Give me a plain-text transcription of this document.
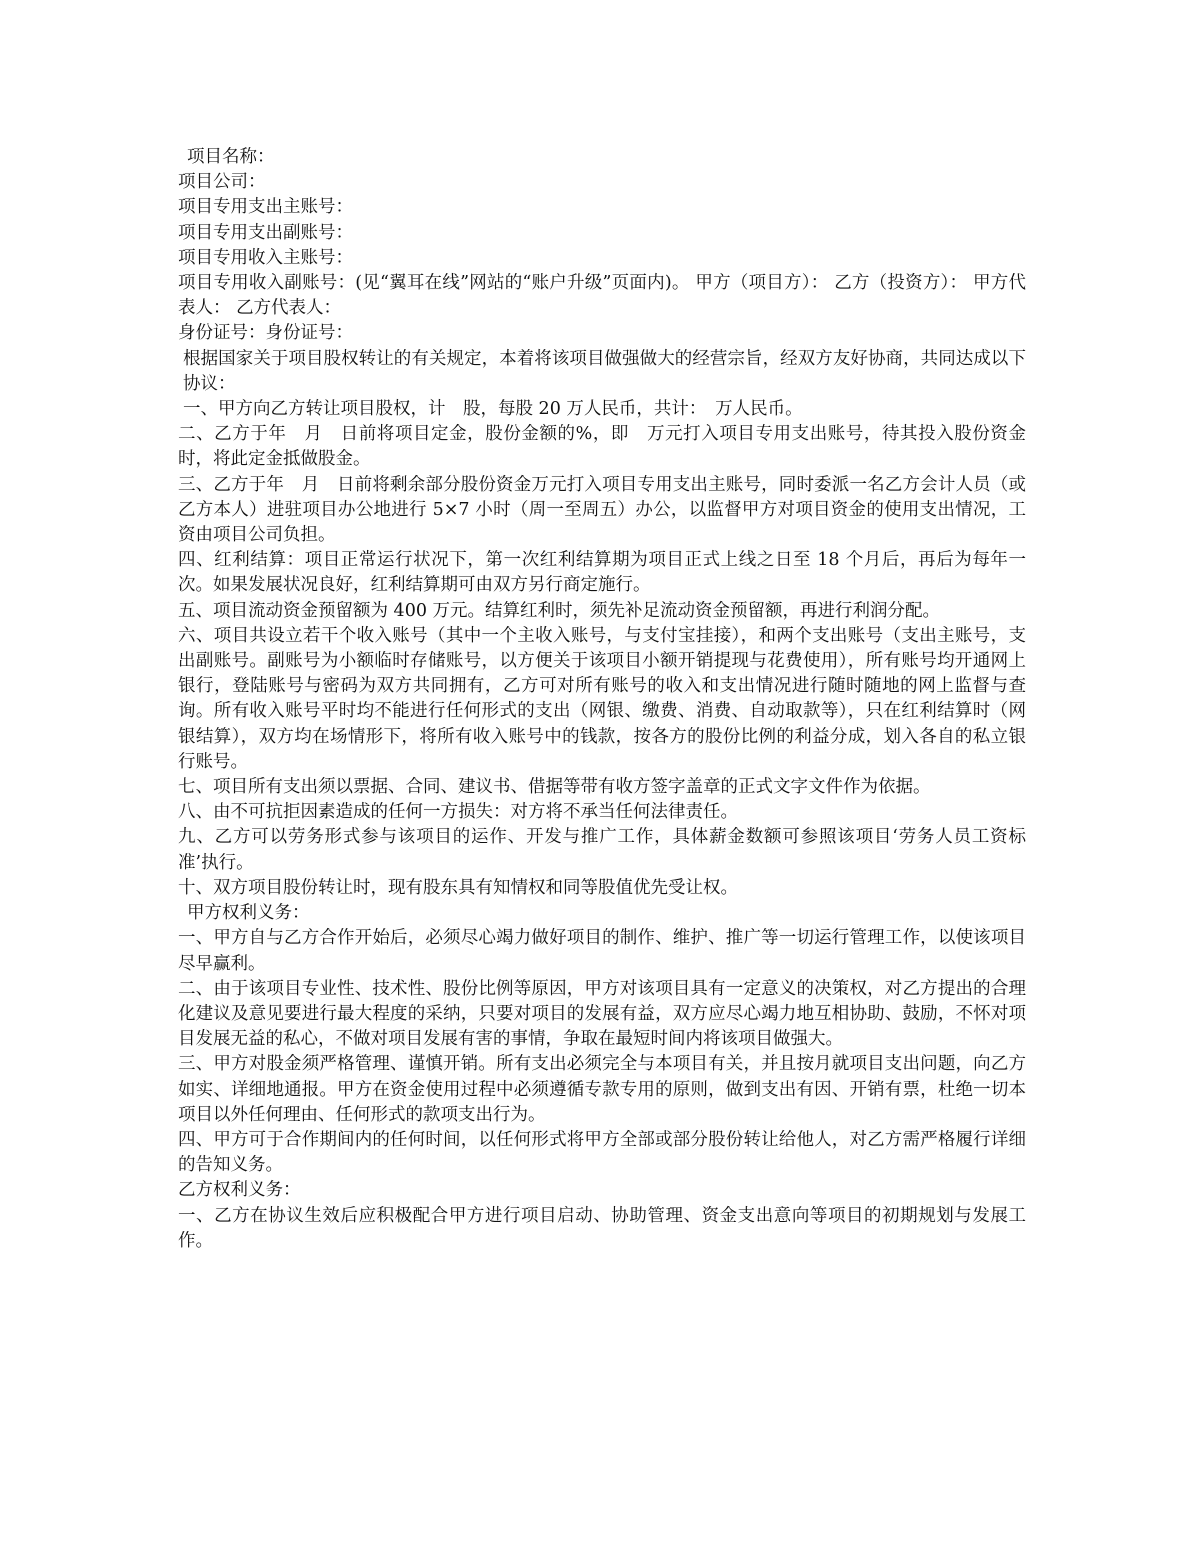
项目名称：

项目公司：

项目专用支出主账号：

项目专用支出副账号：

项目专用收入主账号：

项目专用收入副账号：(见“翼耳在线”网站的“账户升级”页面内)。 甲方（项目方）： 乙方（投资方）： 甲方代表人： 乙方代表人：

身份证号：身份证号：

根据国家关于项目股权转让的有关规定，本着将该项目做强做大的经营宗旨，经双方友好协商，共同达成以下协议：

一、甲方向乙方转让项目股权，计　股，每股 20 万人民币，共计：　万人民币。

二、乙方于年　月　日前将项目定金，股份金额的%，即　万元打入项目专用支出账号，待其投入股份资金时，将此定金抵做股金。

三、乙方于年　月　日前将剩余部分股份资金万元打入项目专用支出主账号，同时委派一名乙方会计人员（或乙方本人）进驻项目办公地进行 5×7 小时（周一至周五）办公，以监督甲方对项目资金的使用支出情况，工资由项目公司负担。

四、红利结算：项目正常运行状况下，第一次红利结算期为项目正式上线之日至 18 个月后，再后为每年一次。如果发展状况良好，红利结算期可由双方另行商定施行。

五、项目流动资金预留额为 400 万元。结算红利时，须先补足流动资金预留额，再进行利润分配。

六、项目共设立若干个收入账号（其中一个主收入账号，与支付宝挂接），和两个支出账号（支出主账号，支出副账号。副账号为小额临时存储账号，以方便关于该项目小额开销提现与花费使用），所有账号均开通网上银行，登陆账号与密码为双方共同拥有，乙方可对所有账号的收入和支出情况进行随时随地的网上监督与查询。所有收入账号平时均不能进行任何形式的支出（网银、缴费、消费、自动取款等），只在红利结算时（网银结算），双方均在场情形下，将所有收入账号中的钱款，按各方的股份比例的利益分成，划入各自的私立银行账号。

七、项目所有支出须以票据、合同、建议书、借据等带有收方签字盖章的正式文字文件作为依据。

八、由不可抗拒因素造成的任何一方损失：对方将不承当任何法律责任。

九、乙方可以劳务形式参与该项目的运作、开发与推广工作，具体薪金数额可参照该项目‘劳务人员工资标准’执行。

十、双方项目股份转让时，现有股东具有知情权和同等股值优先受让权。

甲方权利义务：

一、甲方自与乙方合作开始后，必须尽心竭力做好项目的制作、维护、推广等一切运行管理工作，以使该项目尽早赢利。

二、由于该项目专业性、技术性、股份比例等原因，甲方对该项目具有一定意义的决策权，对乙方提出的合理化建议及意见要进行最大程度的采纳，只要对项目的发展有益，双方应尽心竭力地互相协助、鼓励，不怀对项目发展无益的私心，不做对项目发展有害的事情，争取在最短时间内将该项目做强大。

三、甲方对股金须严格管理、谨慎开销。所有支出必须完全与本项目有关，并且按月就项目支出问题，向乙方如实、详细地通报。甲方在资金使用过程中必须遵循专款专用的原则，做到支出有因、开销有票，杜绝一切本项目以外任何理由、任何形式的款项支出行为。

四、甲方可于合作期间内的任何时间，以任何形式将甲方全部或部分股份转让给他人，对乙方需严格履行详细的告知义务。

乙方权利义务：

一、乙方在协议生效后应积极配合甲方进行项目启动、协助管理、资金支出意向等项目的初期规划与发展工作。
